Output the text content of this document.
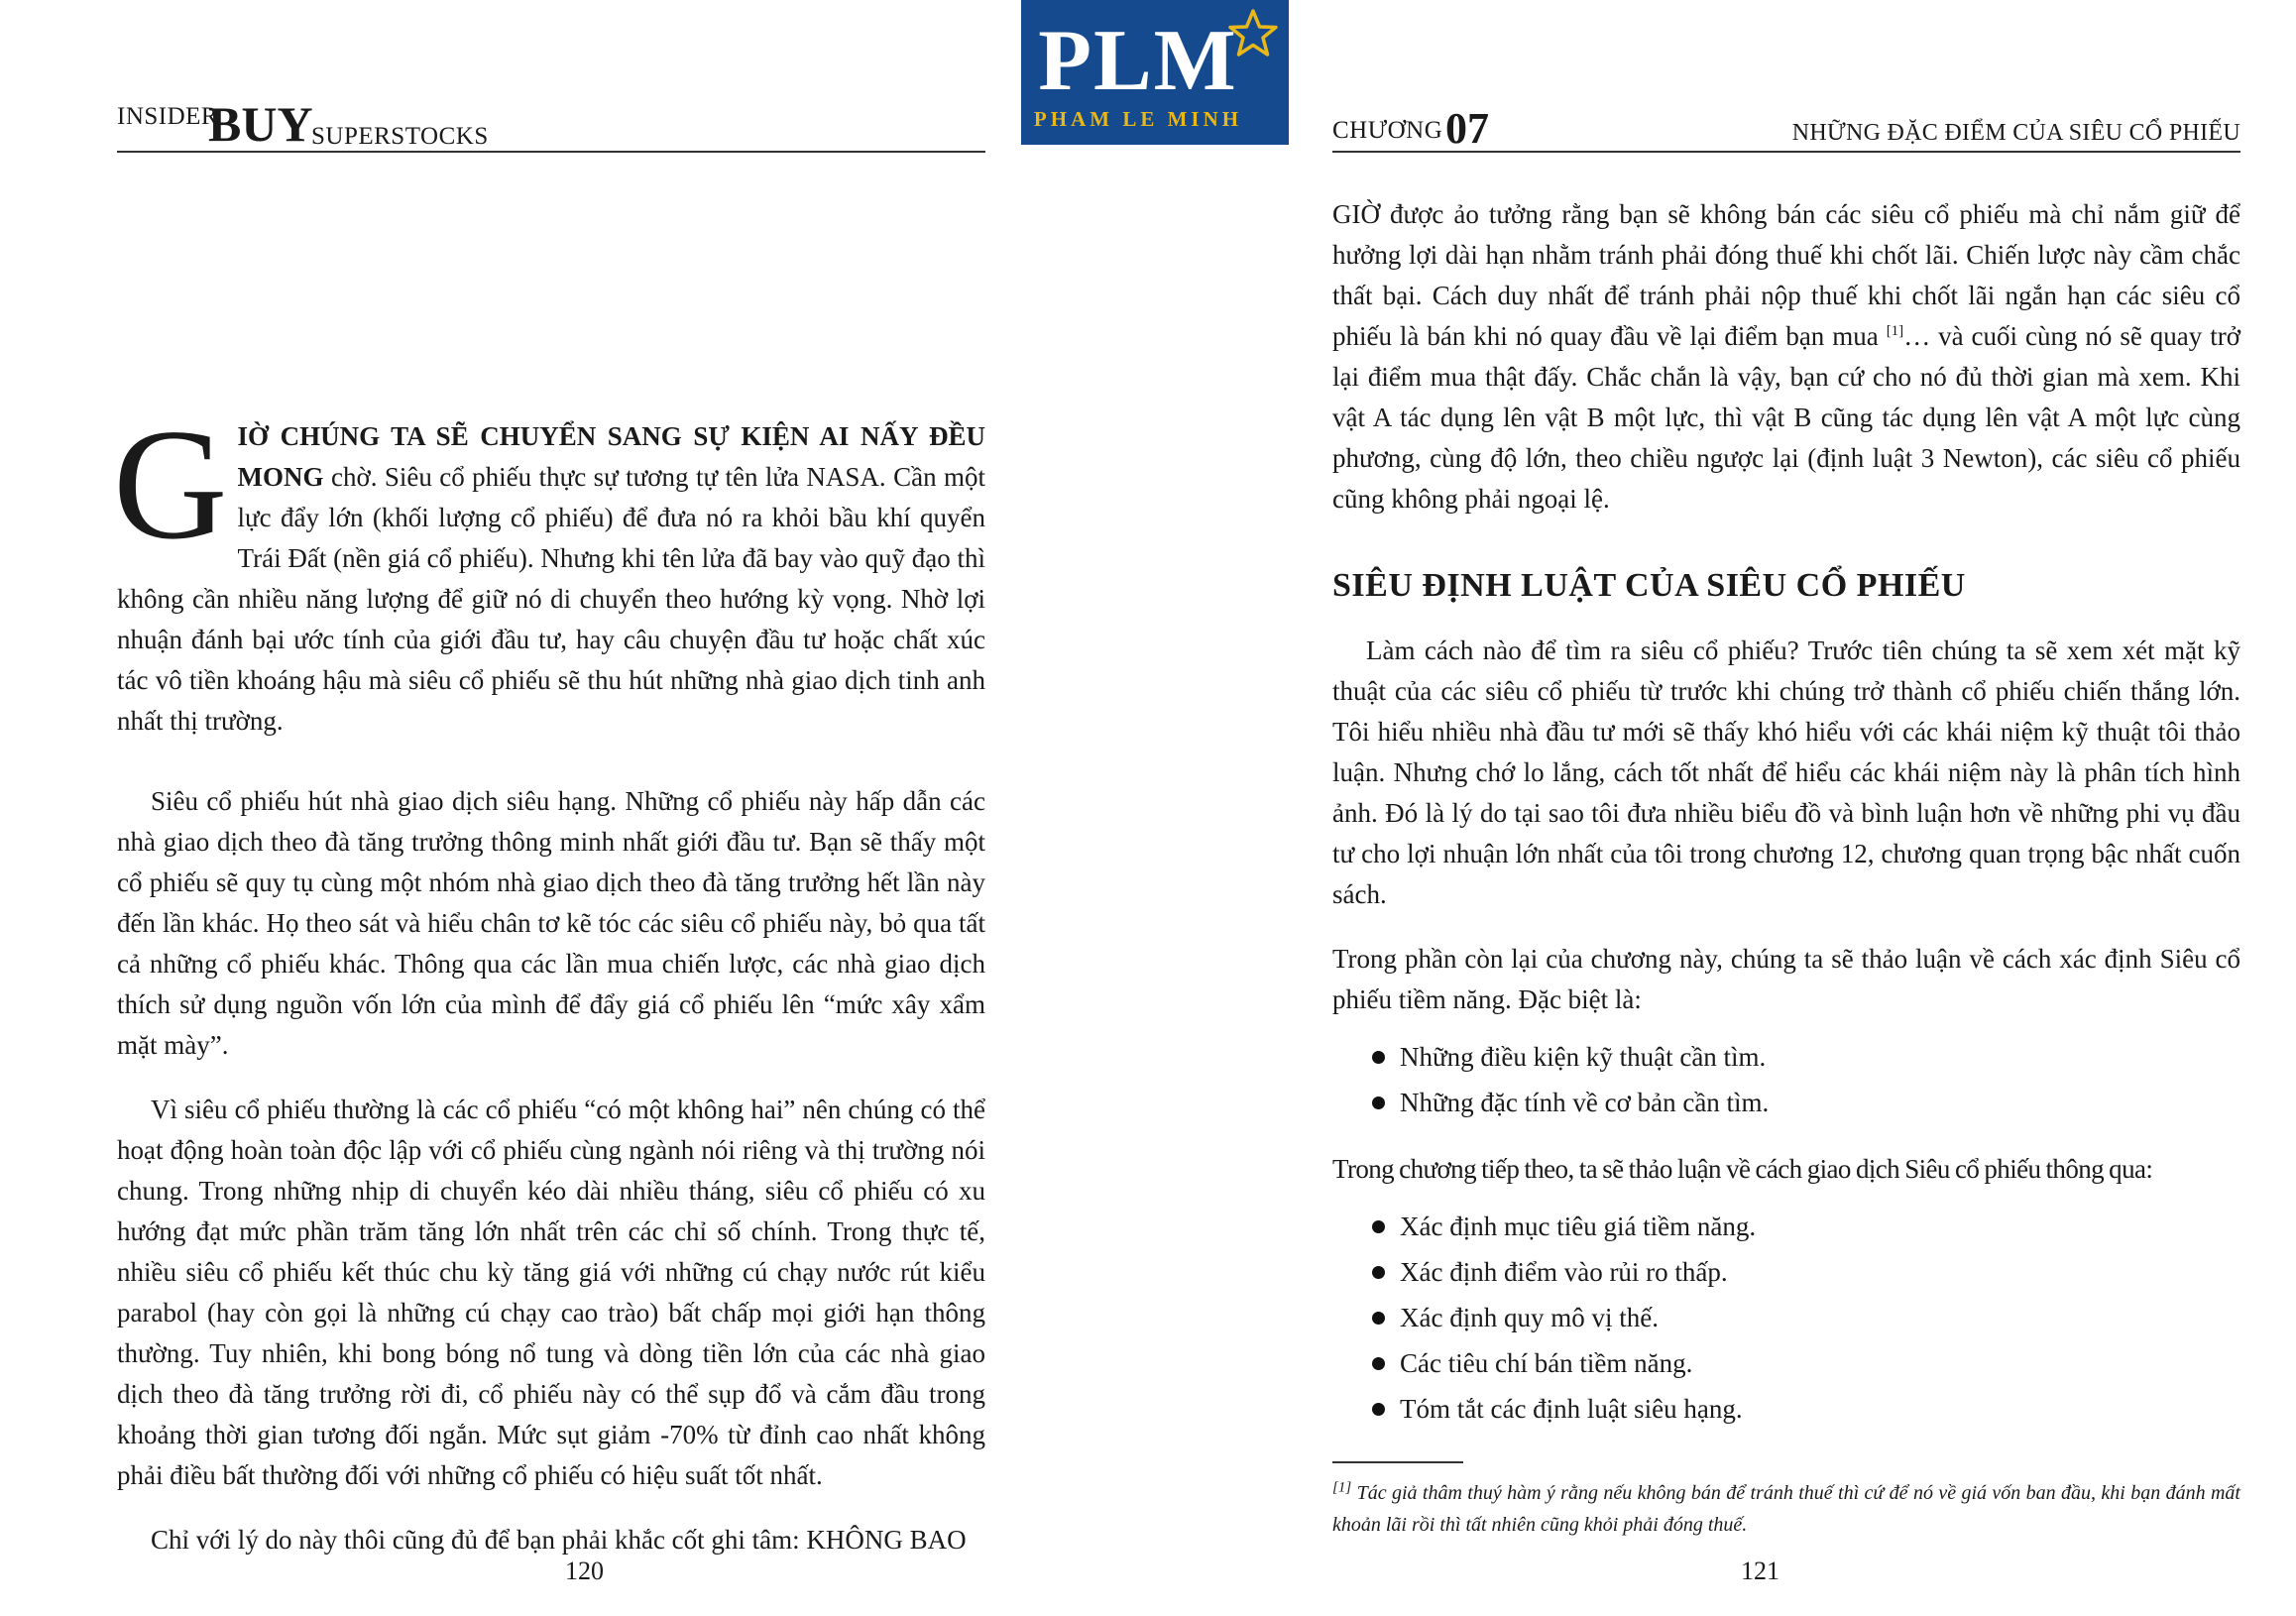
INSIDER
BUY
SUPERSTOCKS

GIỜ CHÚNG TA SẼ CHUYỂN SANG SỰ KIỆN AI NẤY ĐỀU MONG chờ. Siêu cổ phiếu thực sự tương tự tên lửa NASA. Cần một lực đẩy lớn (khối lượng cổ phiếu) để đưa nó ra khỏi bầu khí quyển Trái Đất (nền giá cổ phiếu). Nhưng khi tên lửa đã bay vào quỹ đạo thì không cần nhiều năng lượng để giữ nó di chuyển theo hướng kỳ vọng. Nhờ lợi nhuận đánh bại ước tính của giới đầu tư, hay câu chuyện đầu tư hoặc chất xúc tác vô tiền khoáng hậu mà siêu cổ phiếu sẽ thu hút những nhà giao dịch tinh anh nhất thị trường.

Siêu cổ phiếu hút nhà giao dịch siêu hạng. Những cổ phiếu này hấp dẫn các nhà giao dịch theo đà tăng trưởng thông minh nhất giới đầu tư. Bạn sẽ thấy một cổ phiếu sẽ quy tụ cùng một nhóm nhà giao dịch theo đà tăng trưởng hết lần này đến lần khác. Họ theo sát và hiểu chân tơ kẽ tóc các siêu cổ phiếu này, bỏ qua tất cả những cổ phiếu khác. Thông qua các lần mua chiến lược, các nhà giao dịch thích sử dụng nguồn vốn lớn của mình để đẩy giá cổ phiếu lên “mức xây xẩm mặt mày”.

Vì siêu cổ phiếu thường là các cổ phiếu “có một không hai” nên chúng có thể hoạt động hoàn toàn độc lập với cổ phiếu cùng ngành nói riêng và thị trường nói chung. Trong những nhịp di chuyển kéo dài nhiều tháng, siêu cổ phiếu có xu hướng đạt mức phần trăm tăng lớn nhất trên các chỉ số chính. Trong thực tế, nhiều siêu cổ phiếu kết thúc chu kỳ tăng giá với những cú chạy nước rút kiểu parabol (hay còn gọi là những cú chạy cao trào) bất chấp mọi giới hạn thông thường. Tuy nhiên, khi bong bóng nổ tung và dòng tiền lớn của các nhà giao dịch theo đà tăng trưởng rời đi, cổ phiếu này có thể sụp đổ và cắm đầu trong khoảng thời gian tương đối ngắn. Mức sụt giảm -70% từ đỉnh cao nhất không phải điều bất thường đối với những cổ phiếu có hiệu suất tốt nhất.

Chỉ với lý do này thôi cũng đủ để bạn phải khắc cốt ghi tâm: KHÔNG BAO

120
PLM
PHAM LE MINH	CHƯƠNG 07	NHỮNG ĐẶC ĐIỂM CỦA SIÊU CỔ PHIẾU

GIỜ được ảo tưởng rằng bạn sẽ không bán các siêu cổ phiếu mà chỉ nắm giữ để hưởng lợi dài hạn nhằm tránh phải đóng thuế khi chốt lãi. Chiến lược này cầm chắc thất bại. Cách duy nhất để tránh phải nộp thuế khi chốt lãi ngắn hạn các siêu cổ phiếu là bán khi nó quay đầu về lại điểm bạn mua [1]… và cuối cùng nó sẽ quay trở lại điểm mua thật đấy. Chắc chắn là vậy, bạn cứ cho nó đủ thời gian mà xem. Khi vật A tác dụng lên vật B một lực, thì vật B cũng tác dụng lên vật A một lực cùng phương, cùng độ lớn, theo chiều ngược lại (định luật 3 Newton), các siêu cổ phiếu cũng không phải ngoại lệ.

SIÊU ĐỊNH LUẬT CỦA SIÊU CỔ PHIẾU

Làm cách nào để tìm ra siêu cổ phiếu? Trước tiên chúng ta sẽ xem xét mặt kỹ thuật của các siêu cổ phiếu từ trước khi chúng trở thành cổ phiếu chiến thắng lớn. Tôi hiểu nhiều nhà đầu tư mới sẽ thấy khó hiểu với các khái niệm kỹ thuật tôi thảo luận. Nhưng chớ lo lắng, cách tốt nhất để hiểu các khái niệm này là phân tích hình ảnh. Đó là lý do tại sao tôi đưa nhiều biểu đồ và bình luận hơn về những phi vụ đầu tư cho lợi nhuận lớn nhất của tôi trong chương 12, chương quan trọng bậc nhất cuốn sách.

Trong phần còn lại của chương này, chúng ta sẽ thảo luận về cách xác định Siêu cổ phiếu tiềm năng. Đặc biệt là:

Những điều kiện kỹ thuật cần tìm.
Những đặc tính về cơ bản cần tìm.

Trong chương tiếp theo, ta sẽ thảo luận về cách giao dịch Siêu cổ phiếu thông qua:

Xác định mục tiêu giá tiềm năng.
Xác định điểm vào rủi ro thấp.
Xác định quy mô vị thế.
Các tiêu chí bán tiềm năng.
Tóm tắt các định luật siêu hạng.

[1] Tác giả thâm thuý hàm ý rằng nếu không bán để tránh thuế thì cứ để nó về giá vốn ban đầu, khi bạn đánh mất khoản lãi rồi thì tất nhiên cũng khỏi phải đóng thuế.

121
